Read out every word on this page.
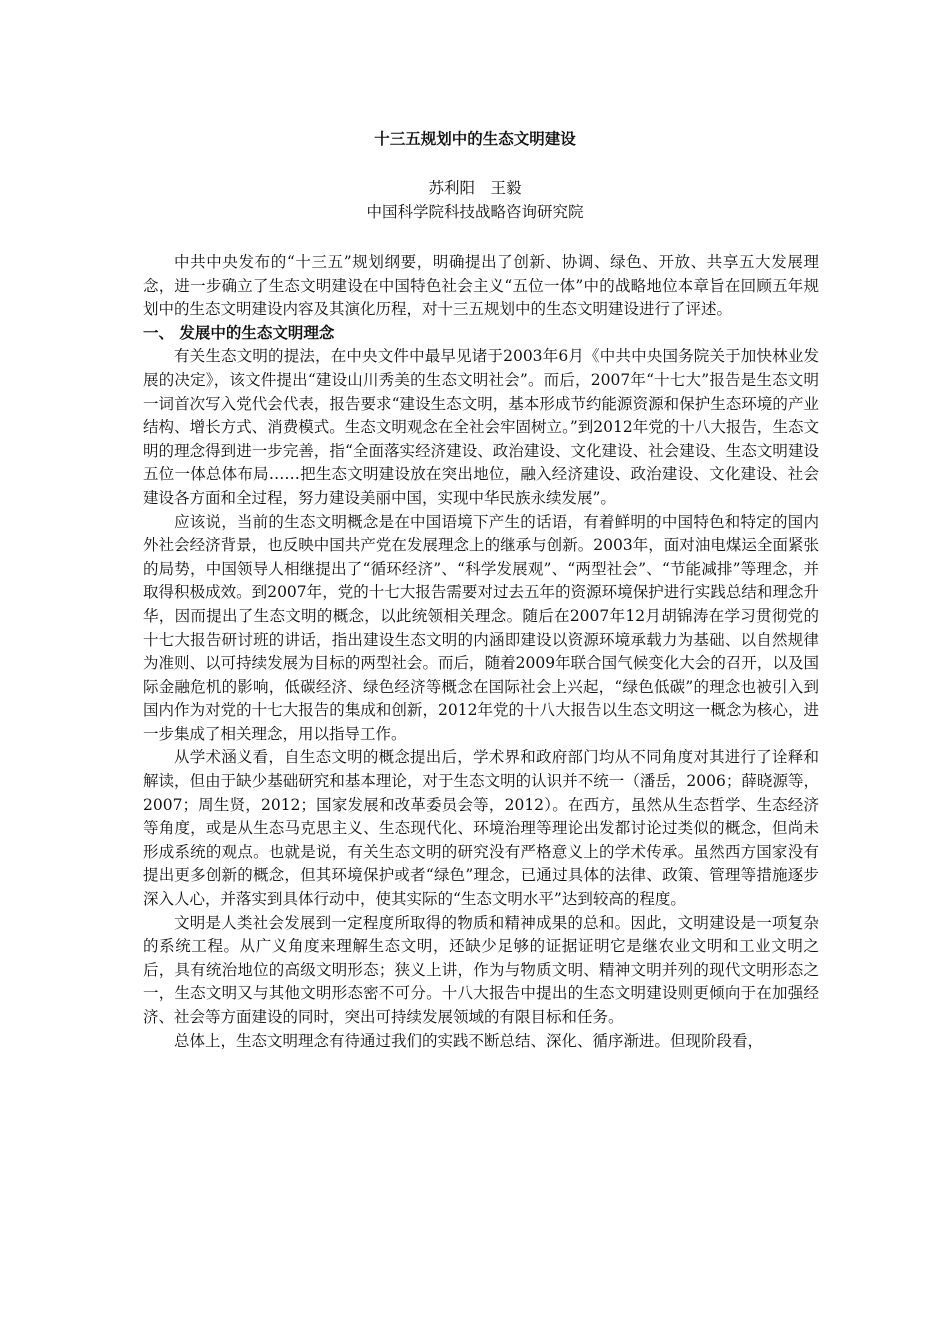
十三五规划中的生态文明建设
苏利阳　王毅
中国科学院科技战略咨询研究院

中共中央发布的“十三五”规划纲要，明确提出了创新、协调、绿色、开放、共享五大发展理念，进一步确立了生态文明建设在中国特色社会主义“五位一体”中的战略地位本章旨在回顾五年规划中的生态文明建设内容及其演化历程，对十三五规划中的生态文明建设进行了评述。

一、 发展中的生态文明理念

有关生态文明的提法，在中央文件中最早见诸于2003年6月《中共中央国务院关于加快林业发展的决定》，该文件提出“建设山川秀美的生态文明社会”。而后，2007年“十七大”报告是生态文明一词首次写入党代会代表，报告要求“建设生态文明，基本形成节约能源资源和保护生态环境的产业结构、增长方式、消费模式。生态文明观念在全社会牢固树立。”到2012年党的十八大报告，生态文明的理念得到进一步完善，指“全面落实经济建设、政治建设、文化建设、社会建设、生态文明建设五位一体总体布局……把生态文明建设放在突出地位，融入经济建设、政治建设、文化建设、社会建设各方面和全过程，努力建设美丽中国，实现中华民族永续发展”。

应该说，当前的生态文明概念是在中国语境下产生的话语，有着鲜明的中国特色和特定的国内外社会经济背景，也反映中国共产党在发展理念上的继承与创新。2003年，面对油电煤运全面紧张的局势，中国领导人相继提出了“循环经济”、“科学发展观”、“两型社会”、“节能减排”等理念，并取得积极成效。到2007年，党的十七大报告需要对过去五年的资源环境保护进行实践总结和理念升华，因而提出了生态文明的概念，以此统领相关理念。随后在2007年12月胡锦涛在学习贯彻党的十七大报告研讨班的讲话，指出建设生态文明的内涵即建设以资源环境承载力为基础、以自然规律为准则、以可持续发展为目标的两型社会。而后，随着2009年联合国气候变化大会的召开，以及国际金融危机的影响，低碳经济、绿色经济等概念在国际社会上兴起，“绿色低碳”的理念也被引入到国内作为对党的十七大报告的集成和创新，2012年党的十八大报告以生态文明这一概念为核心，进一步集成了相关理念，用以指导工作。

从学术涵义看，自生态文明的概念提出后，学术界和政府部门均从不同角度对其进行了诠释和解读，但由于缺少基础研究和基本理论，对于生态文明的认识并不统一（潘岳，2006；薛晓源等，2007；周生贤，2012；国家发展和改革委员会等，2012）。在西方，虽然从生态哲学、生态经济等角度，或是从生态马克思主义、生态现代化、环境治理等理论出发都讨论过类似的概念，但尚未形成系统的观点。也就是说，有关生态文明的研究没有严格意义上的学术传承。虽然西方国家没有提出更多创新的概念，但其环境保护或者“绿色”理念，已通过具体的法律、政策、管理等措施逐步深入人心，并落实到具体行动中，使其实际的“生态文明水平”达到较高的程度。

文明是人类社会发展到一定程度所取得的物质和精神成果的总和。因此，文明建设是一项复杂的系统工程。从广义角度来理解生态文明，还缺少足够的证据证明它是继农业文明和工业文明之后，具有统治地位的高级文明形态；狭义上讲，作为与物质文明、精神文明并列的现代文明形态之一，生态文明又与其他文明形态密不可分。十八大报告中提出的生态文明建设则更倾向于在加强经济、社会等方面建设的同时，突出可持续发展领域的有限目标和任务。

总体上，生态文明理念有待通过我们的实践不断总结、深化、循序渐进。但现阶段看，
